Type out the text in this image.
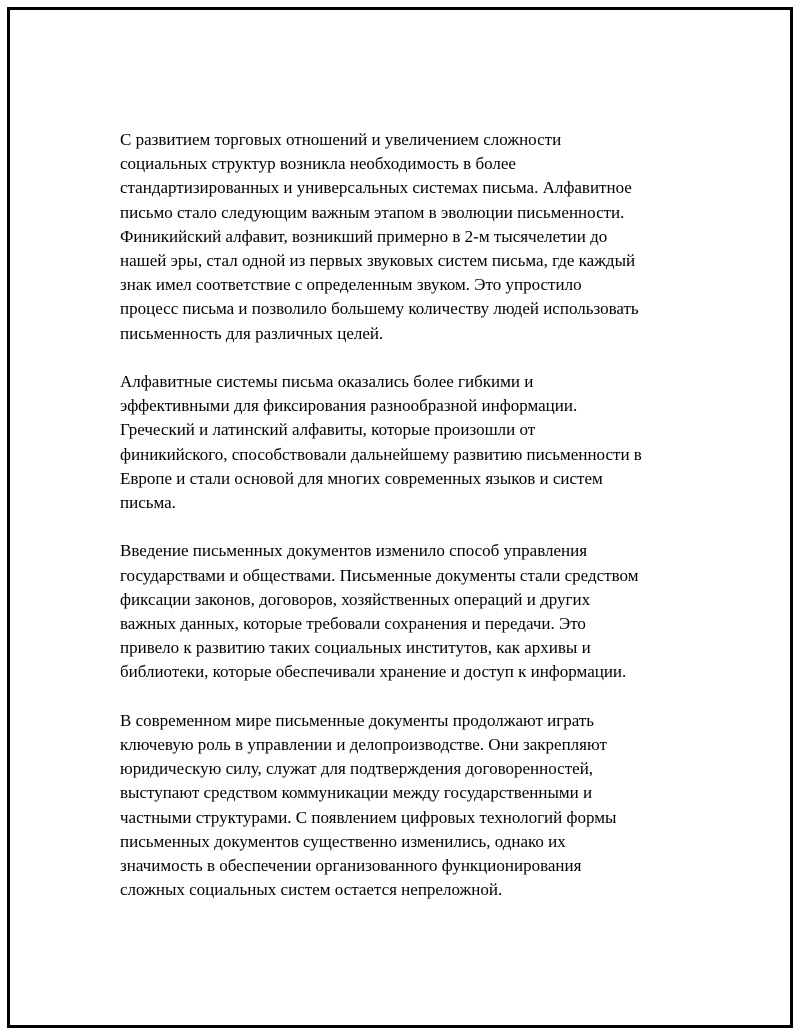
С развитием торговых отношений и увеличением сложности
социальных структур возникла необходимость в более
стандартизированных и универсальных системах письма. Алфавитное
письмо стало следующим важным этапом в эволюции письменности.
Финикийский алфавит, возникший примерно в 2-м тысячелетии до
нашей эры, стал одной из первых звуковых систем письма, где каждый
знак имел соответствие с определенным звуком. Это упростило
процесс письма и позволило большему количеству людей использовать
письменность для различных целей.

Алфавитные системы письма оказались более гибкими и
эффективными для фиксирования разнообразной информации.
Греческий и латинский алфавиты, которые произошли от
финикийского, способствовали дальнейшему развитию письменности в
Европе и стали основой для многих современных языков и систем
письма.

Введение письменных документов изменило способ управления
государствами и обществами. Письменные документы стали средством
фиксации законов, договоров, хозяйственных операций и других
важных данных, которые требовали сохранения и передачи. Это
привело к развитию таких социальных институтов, как архивы и
библиотеки, которые обеспечивали хранение и доступ к информации.

В современном мире письменные документы продолжают играть
ключевую роль в управлении и делопроизводстве. Они закрепляют
юридическую силу, служат для подтверждения договоренностей,
выступают средством коммуникации между государственными и
частными структурами. С появлением цифровых технологий формы
письменных документов существенно изменились, однако их
значимость в обеспечении организованного функционирования
сложных социальных систем остается непреложной.
